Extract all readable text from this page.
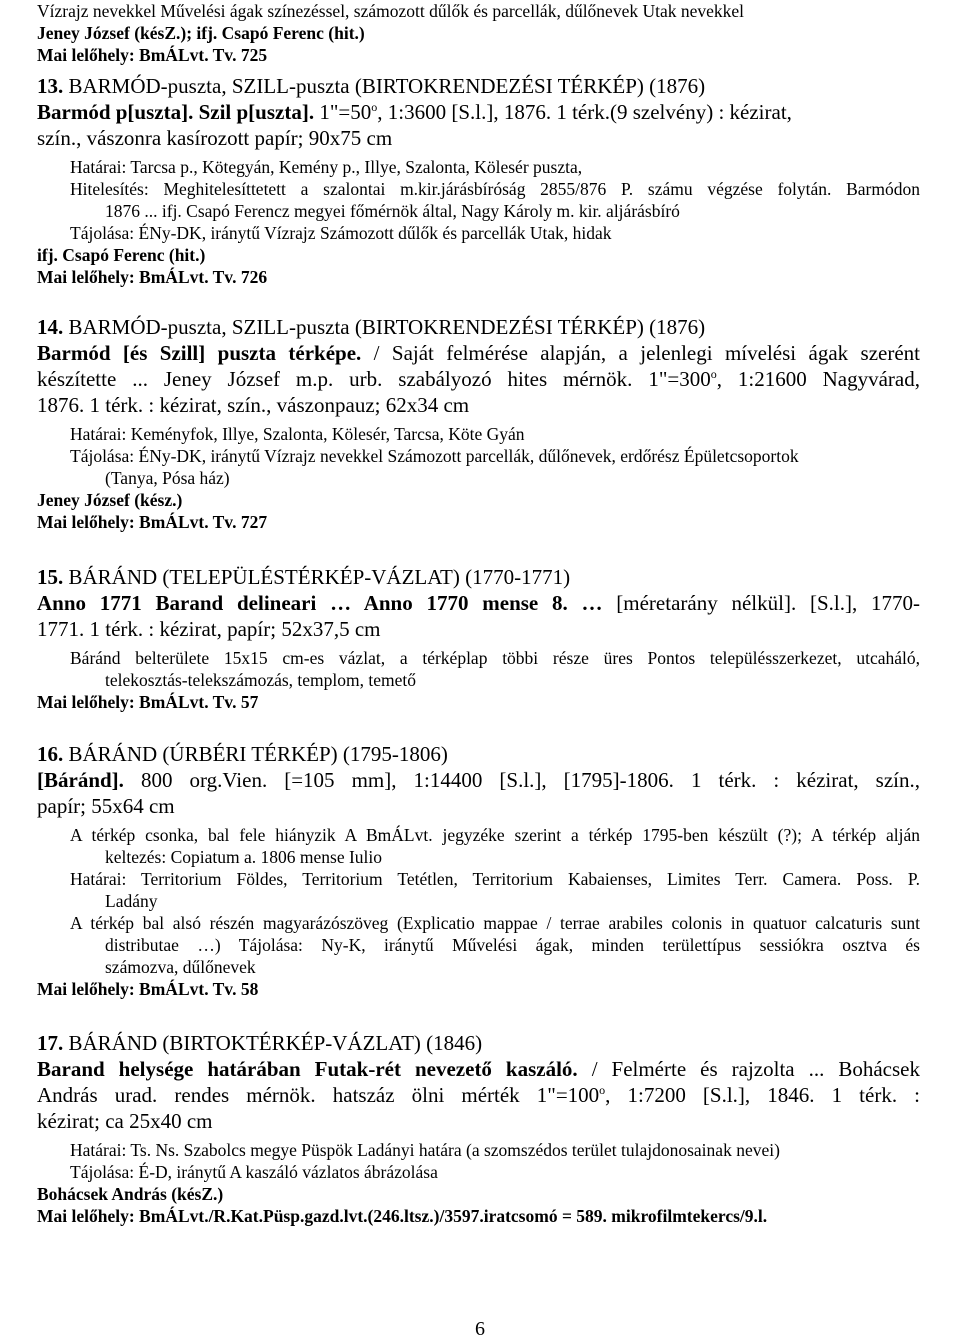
Vízrajz nevekkel Művelési ágak színezéssel, számozott dűlők és parcellák, dűlőnevek Utak nevekkel
Jeney József (késZ.); ifj. Csapó Ferenc (hit.)
Mai lelőhely: BmÁLvt. Tv. 725
13. BARMÓD-puszta, SZILL-puszta (BIRTOKRENDEZÉSI TÉRKÉP) (1876)
Barmód p[uszta]. Szil p[uszta]. $1"=50^o$, 1:3600 [S.l.], 1876. 1 térk.(9 szelvény) : kézirat,
szín., vászonra kasírozott papír; 90x75 cm
Határai: Tarcsa p., Kötegyán, Kemény p., Illye, Szalonta, Kölesér puszta,
Hitelesítés: Meghitelesíttetett a szalontai m.kir.járásbíróság 2855/876 P. számu végzése folytán. Barmódon
1876 ... ifj. Csapó Ferencz megyei főmérnök által, Nagy Károly m. kir. aljárásbíró
Tájolása: ÉNy-DK, iránytű Vízrajz Számozott dűlők és parcellák Utak, hidak
ifj. Csapó Ferenc (hit.)
Mai lelőhely: BmÁLvt. Tv. 726
14. BARMÓD-puszta, SZILL-puszta (BIRTOKRENDEZÉSI TÉRKÉP) (1876)
Barmód [és Szill] puszta térképe. / Saját felmérése alapján, a jelenlegi mívelési ágak szerént
készítette ... Jeney József m.p. urb. szabályozó hites mérnök. $1"=300^o$, 1:21600 Nagyvárad,
1876. 1 térk. : kézirat, szín., vászonpauz; 62x34 cm
Határai: Keményfok, Illye, Szalonta, Kölesér, Tarcsa, Köte Gyán
Tájolása: ÉNy-DK, iránytű Vízrajz nevekkel Számozott parcellák, dűlőnevek, erdőrész Épületcsoportok
(Tanya, Pósa ház)
Jeney József (kész.)
Mai lelőhely: BmÁLvt. Tv. 727
15. BÁRÁND (TELEPÜLÉSTÉRKÉP-VÁZLAT) (1770-1771)
Anno 1771 Barand delineari … Anno 1770 mense 8. … [méretarány nélkül]. [S.l.], 1770-
1771. 1 térk. : kézirat, papír; 52x37,5 cm
Báránd belterülete 15x15 cm-es vázlat, a térképlap többi része üres Pontos településszerkezet, utcaháló,
telekosztás-telekszámozás, templom, temető
Mai lelőhely: BmÁLvt. Tv. 57
16. BÁRÁND (ÚRBÉRI TÉRKÉP) (1795-1806)
[Báránd]. 800 org.Vien. [=105 mm], 1:14400 [S.l.], [1795]-1806. 1 térk. : kézirat, szín.,
papír; 55x64 cm
A térkép csonka, bal fele hiányzik A BmÁLvt. jegyzéke szerint a térkép 1795-ben készült (?); A térkép alján
keltezés: Copiatum a. 1806 mense Iulio
Határai: Territorium Földes, Territorium Tetétlen, Territorium Kabaienses, Limites Terr. Camera. Poss. P.
Ladány
A térkép bal alsó részén magyarázószöveg (Explicatio mappae / terrae arabiles colonis in quatuor calcaturis sunt
distributae …) Tájolása: Ny-K, iránytű Művelési ágak, minden területtípus sessiókra osztva és
számozva, dűlőnevek
Mai lelőhely: BmÁLvt. Tv. 58
17. BÁRÁND (BIRTOKTÉRKÉP-VÁZLAT) (1846)
Barand helysége határában Futak-rét nevezető kaszáló. / Felmérte és rajzolta ... Bohácsek
András urad. rendes mérnök. hatszáz ölni mérték $1"=100^o$, 1:7200 [S.l.], 1846. 1 térk. :
kézirat; ca 25x40 cm
Határai: Ts. Ns. Szabolcs megye Püspök Ladányi határa (a szomszédos terület tulajdonosainak nevei)
Tájolása: É-D, iránytű A kaszáló vázlatos ábrázolása
Bohácsek András (késZ.)
Mai lelőhely: BmÁLvt./R.Kat.Püsp.gazd.lvt.(246.ltsz.)/3597.iratcsomó = 589. mikrofilmtekercs/9.l.
6
